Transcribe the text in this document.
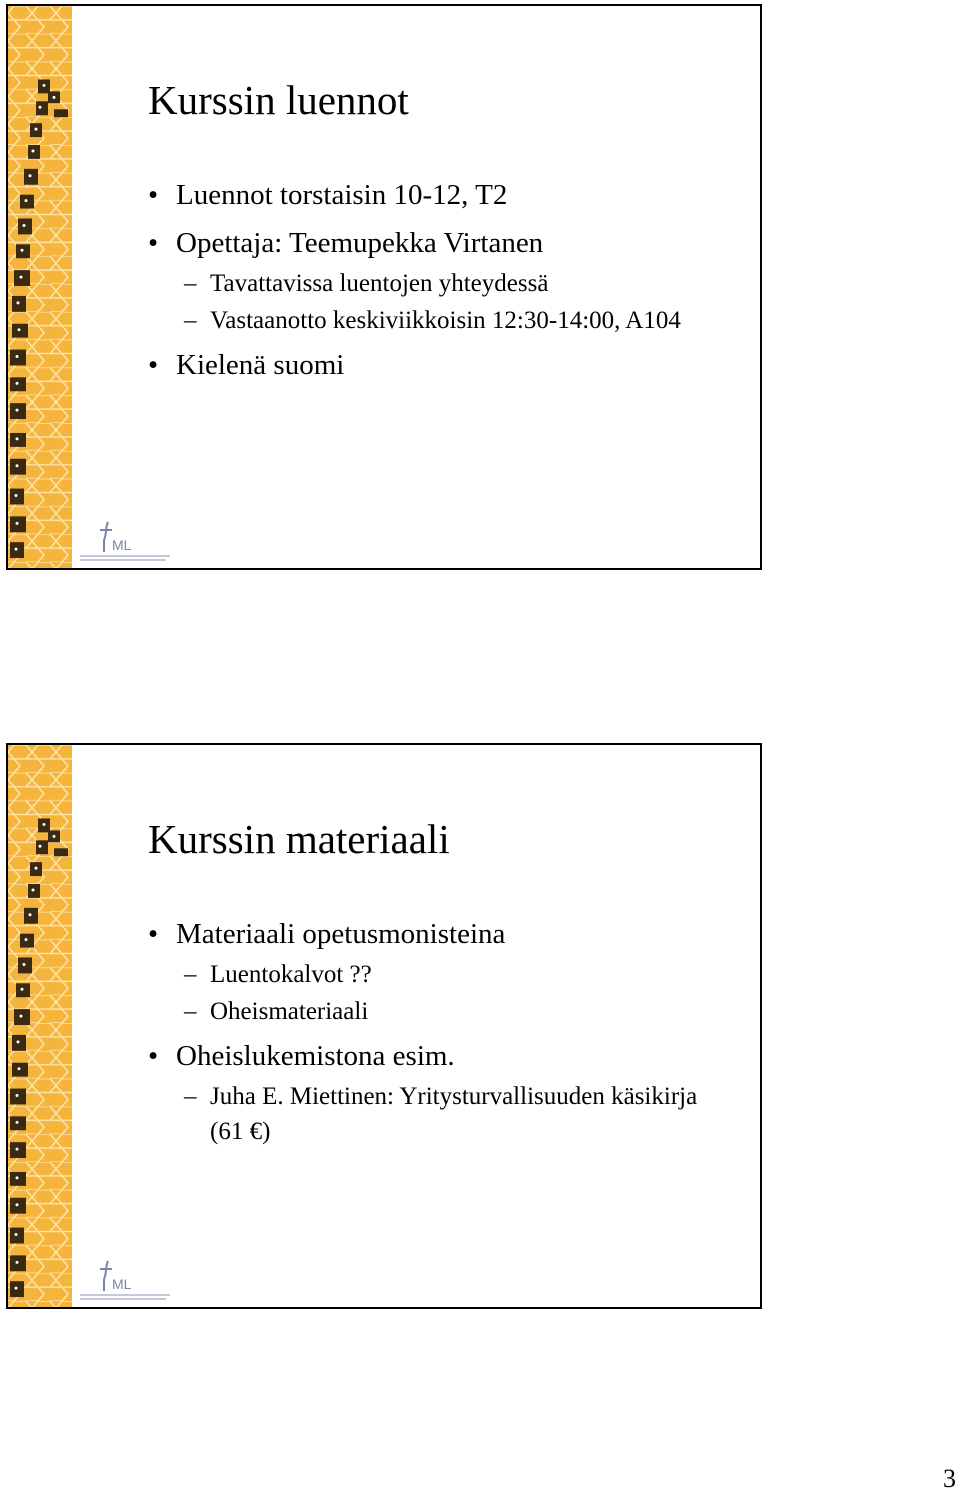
Kurssin luennot
• Luennot torstaisin 10-12, T2
• Opettaja: Teemupekka Virtanen
– Tavattavissa luentojen yhteydessä
– Vastaanotto keskiviikkoisin 12:30-14:00, A104
• Kielenä suomi
ML
Kurssin materiaali
• Materiaali opetusmonisteina
– Luentokalvot ??
– Oheismateriaali
• Oheislukemistona esim.
– Juha E. Miettinen: Yritysturvallisuuden käsikirja (61 €)
ML
3
